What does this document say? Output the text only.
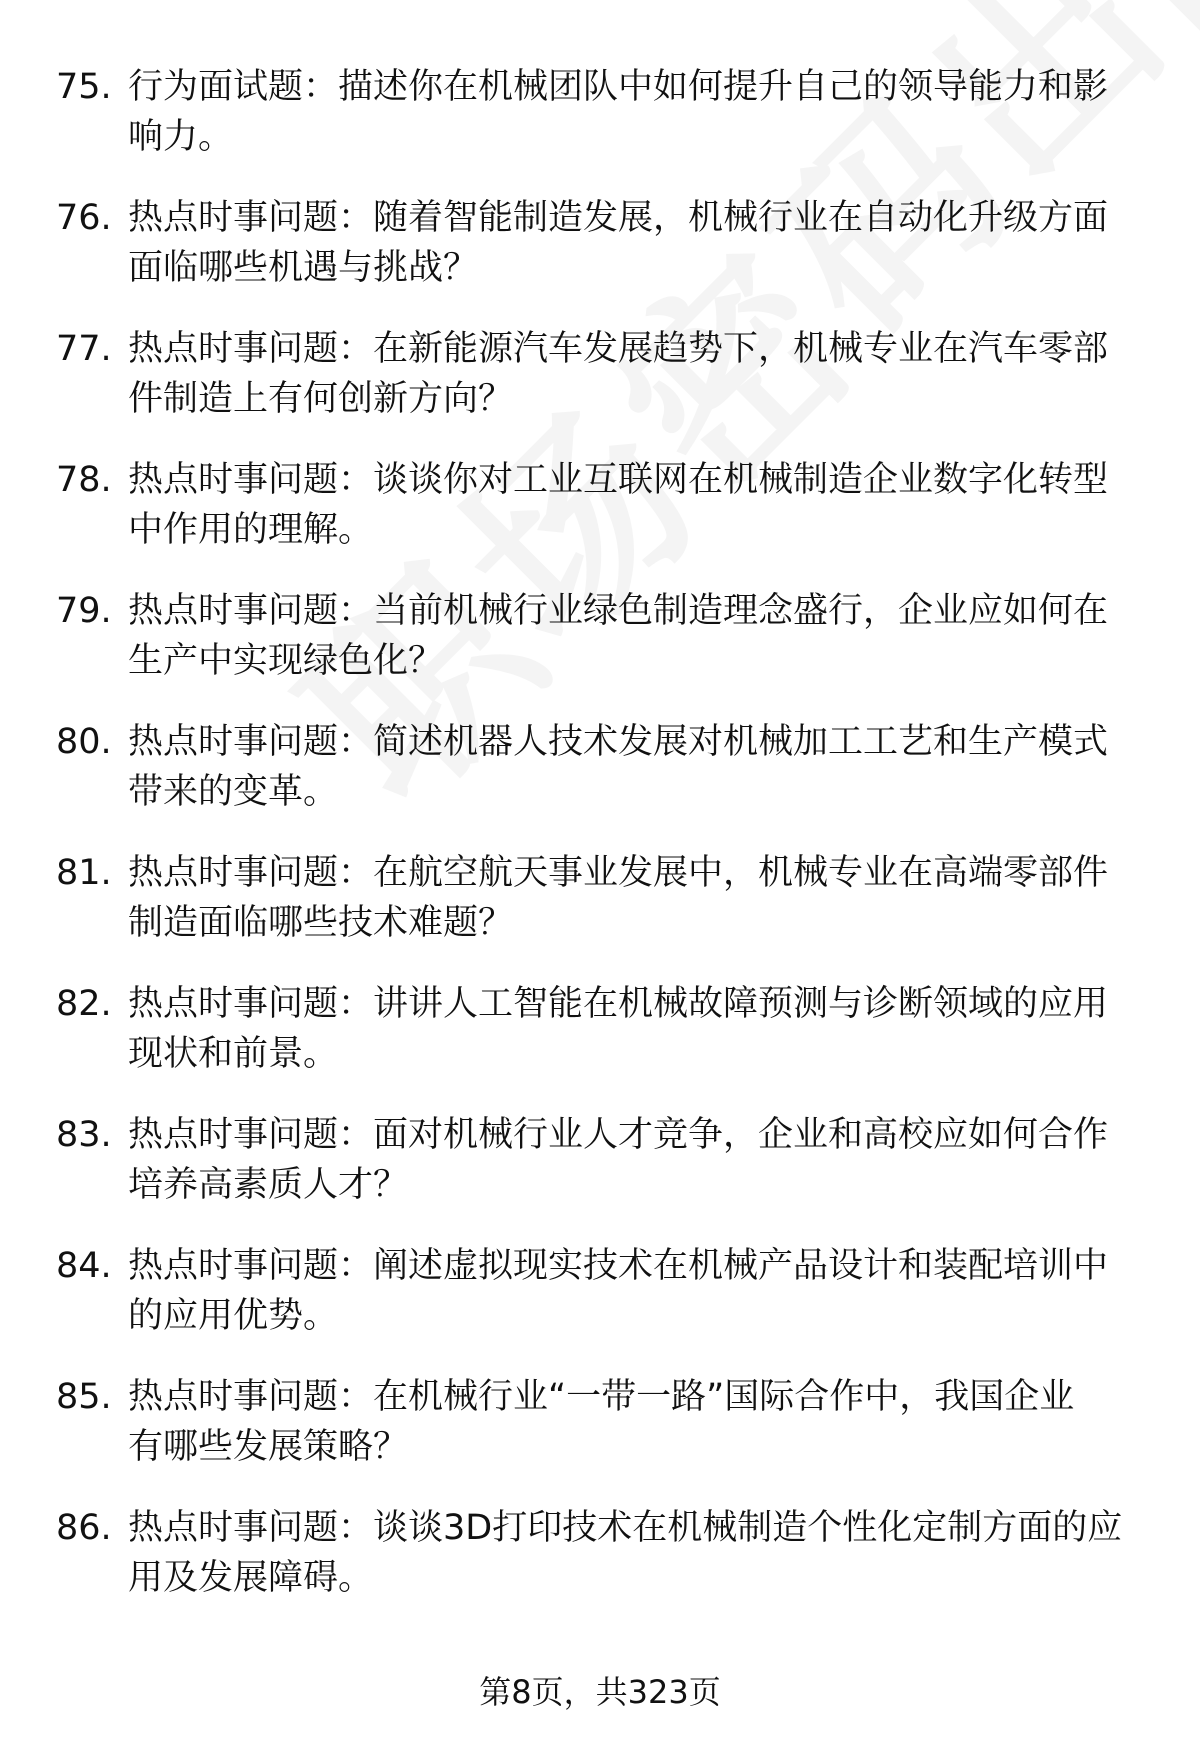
75. 行为面试题：描述你在机械团队中如何提升自己的领导能力和影
响力。
76. 热点时事问题：随着智能制造发展，机械行业在自动化升级方面
面临哪些机遇与挑战？
77. 热点时事问题：在新能源汽车发展趋势下，机械专业在汽车零部
件制造上有何创新方向？
78. 热点时事问题：谈谈你对工业互联网在机械制造企业数字化转型
中作用的理解。
79. 热点时事问题：当前机械行业绿色制造理念盛行，企业应如何在
生产中实现绿色化？
80. 热点时事问题：简述机器人技术发展对机械加工工艺和生产模式
带来的变革。
81. 热点时事问题：在航空航天事业发展中，机械专业在高端零部件
制造面临哪些技术难题？
82. 热点时事问题：讲讲人工智能在机械故障预测与诊断领域的应用
现状和前景。
83. 热点时事问题：面对机械行业人才竞争，企业和高校应如何合作
培养高素质人才？
84. 热点时事问题：阐述虚拟现实技术在机械产品设计和装配培训中
的应用优势。
85. 热点时事问题：在机械行业“一带一路”国际合作中，我国企业
有哪些发展策略？
86. 热点时事问题：谈谈3D打印技术在机械制造个性化定制方面的应
用及发展障碍。
第8页，共323页
